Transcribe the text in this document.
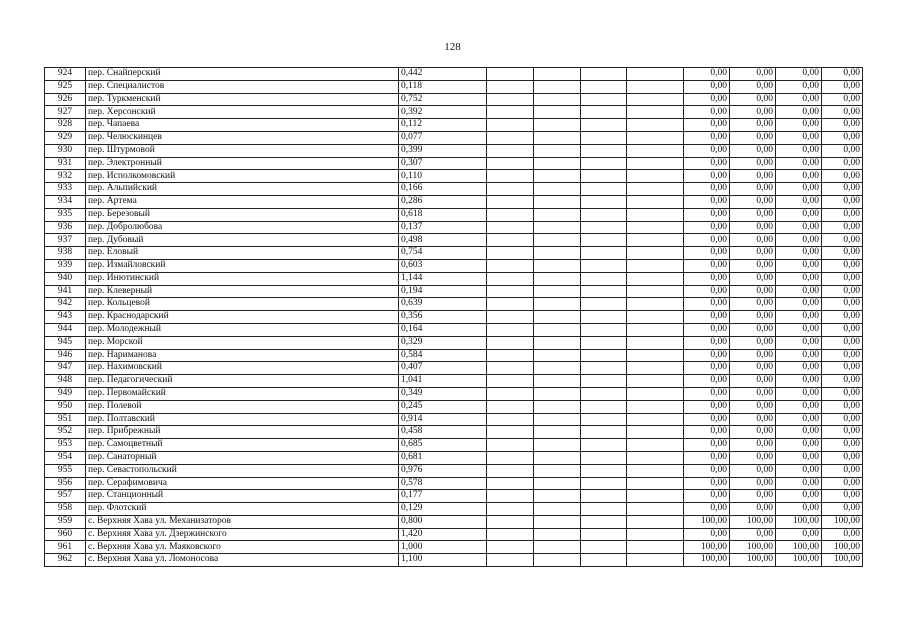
128
924	пер. Снайперский	0,442					0,00	0,00	0,00	0,00
925	пер. Специалистов	0,118					0,00	0,00	0,00	0,00
926	пер. Туркменский	0,752					0,00	0,00	0,00	0,00
927	пер. Херсонский	0,392					0,00	0,00	0,00	0,00
928	пер. Чапаева	0,112					0,00	0,00	0,00	0,00
929	пер. Челюскинцев	0,077					0,00	0,00	0,00	0,00
930	пер. Штурмовой	0,399					0,00	0,00	0,00	0,00
931	пер. Электронный	0,307					0,00	0,00	0,00	0,00
932	пер. Исполкомовский	0,110					0,00	0,00	0,00	0,00
933	пер. Альпийский	0,166					0,00	0,00	0,00	0,00
934	пер. Артема	0,286					0,00	0,00	0,00	0,00
935	пер. Березовый	0,618					0,00	0,00	0,00	0,00
936	пер. Добролюбова	0,137					0,00	0,00	0,00	0,00
937	пер. Дубовый	0,498					0,00	0,00	0,00	0,00
938	пер. Еловый	0,754					0,00	0,00	0,00	0,00
939	пер. Измайловский	0,603					0,00	0,00	0,00	0,00
940	пер. Инютинский	1,144					0,00	0,00	0,00	0,00
941	пер. Клеверный	0,194					0,00	0,00	0,00	0,00
942	пер. Кольцевой	0,639					0,00	0,00	0,00	0,00
943	пер. Краснодарский	0,356					0,00	0,00	0,00	0,00
944	пер. Молодежный	0,164					0,00	0,00	0,00	0,00
945	пер. Морской	0,329					0,00	0,00	0,00	0,00
946	пер. Нариманова	0,584					0,00	0,00	0,00	0,00
947	пер. Нахимовский	0,407					0,00	0,00	0,00	0,00
948	пер. Педагогический	1,041					0,00	0,00	0,00	0,00
949	пер. Первомайский	0,349					0,00	0,00	0,00	0,00
950	пер. Полевой	0,245					0,00	0,00	0,00	0,00
951	пер. Полтавский	0,914					0,00	0,00	0,00	0,00
952	пер. Прибрежный	0,458					0,00	0,00	0,00	0,00
953	пер. Самоцветный	0,685					0,00	0,00	0,00	0,00
954	пер. Санаторный	0,681					0,00	0,00	0,00	0,00
955	пер. Севастопольский	0,976					0,00	0,00	0,00	0,00
956	пер. Серафимовича	0,578					0,00	0,00	0,00	0,00
957	пер. Станционный	0,177					0,00	0,00	0,00	0,00
958	пер. Флотский	0,129					0,00	0,00	0,00	0,00
959	с. Верхняя Хава ул. Механизаторов	0,800					100,00	100,00	100,00	100,00
960	с. Верхняя Хава ул. Дзержинского	1,420					0,00	0,00	0,00	0,00
961	с. Верхняя Хава ул. Маяковского	1,000					100,00	100,00	100,00	100,00
962	с. Верхняя Хава ул. Ломоносова	1,100					100,00	100,00	100,00	100,00
